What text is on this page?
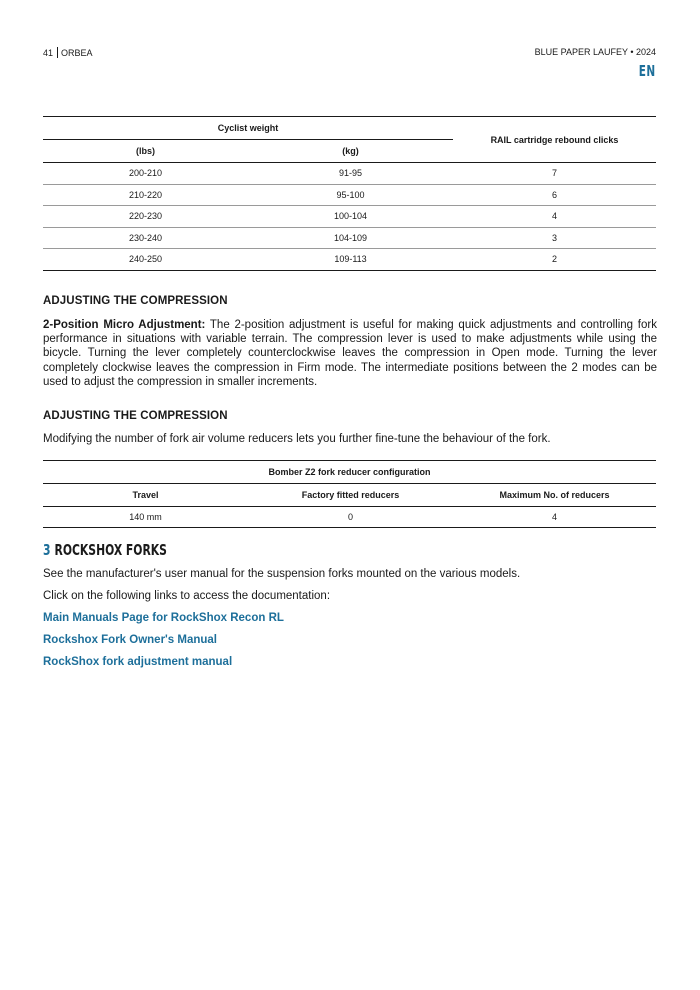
41 ORBEA	BLUE PAPER LAUFEY • 2024
EN
Cyclist weight		RAIL cartridge rebound clicks
(lbs)	(kg)	
200-210	91-95	7
210-220	95-100	6
220-230	100-104	4
230-240	104-109	3
240-250	109-113	2
ADJUSTING THE COMPRESSION

2-Position Micro Adjustment: The 2-position adjustment is useful for making quick adjustments and controlling fork performance in situations with variable terrain. The compression lever is used to make adjustments while using the bicycle. Turning the lever completely counterclockwise leaves the compression in Open mode. Turning the lever completely clockwise leaves the compression in Firm mode. The intermediate positions between the 2 modes can be used to adjust the compression in smaller increments.

ADJUSTING THE COMPRESSION

Modifying the number of fork air volume reducers lets you further fine-tune the behaviour of the fork.

Bomber Z2 fork reducer configuration		
Travel	Factory fitted reducers	Maximum No. of reducers
140 mm	0	4
3 ROCKSHOX FORKS
See the manufacturer's user manual for the suspension forks mounted on the various models.
Click on the following links to access the documentation:
Main Manuals Page for RockShox Recon RL
Rockshox Fork Owner's Manual
RockShox fork adjustment manual
